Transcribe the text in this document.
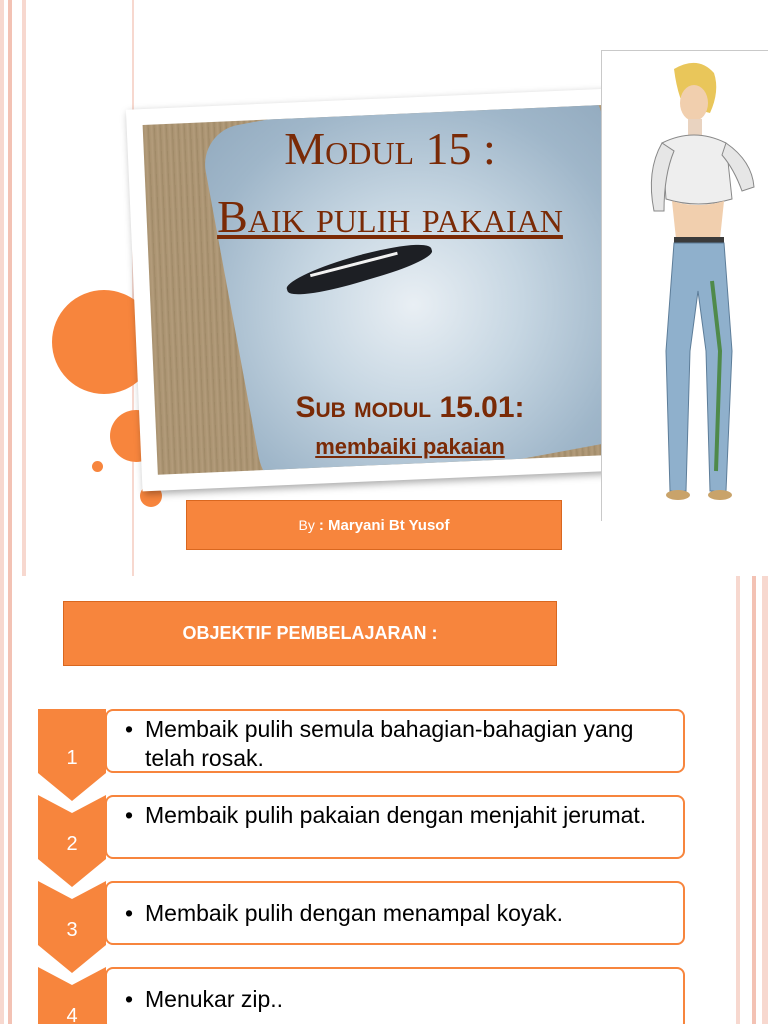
Modul 15 :
Baik pulih pakaian
Sub modul 15.01:
membaiki pakaian
By : Maryani Bt Yusof
OBJEKTIF PEMBELAJARAN :
1
• Membaik pulih semula bahagian-bahagian yang telah rosak.
2
• Membaik pulih pakaian dengan menjahit jerumat.
3
• Membaik pulih dengan menampal koyak.
4
• Menukar zip..
